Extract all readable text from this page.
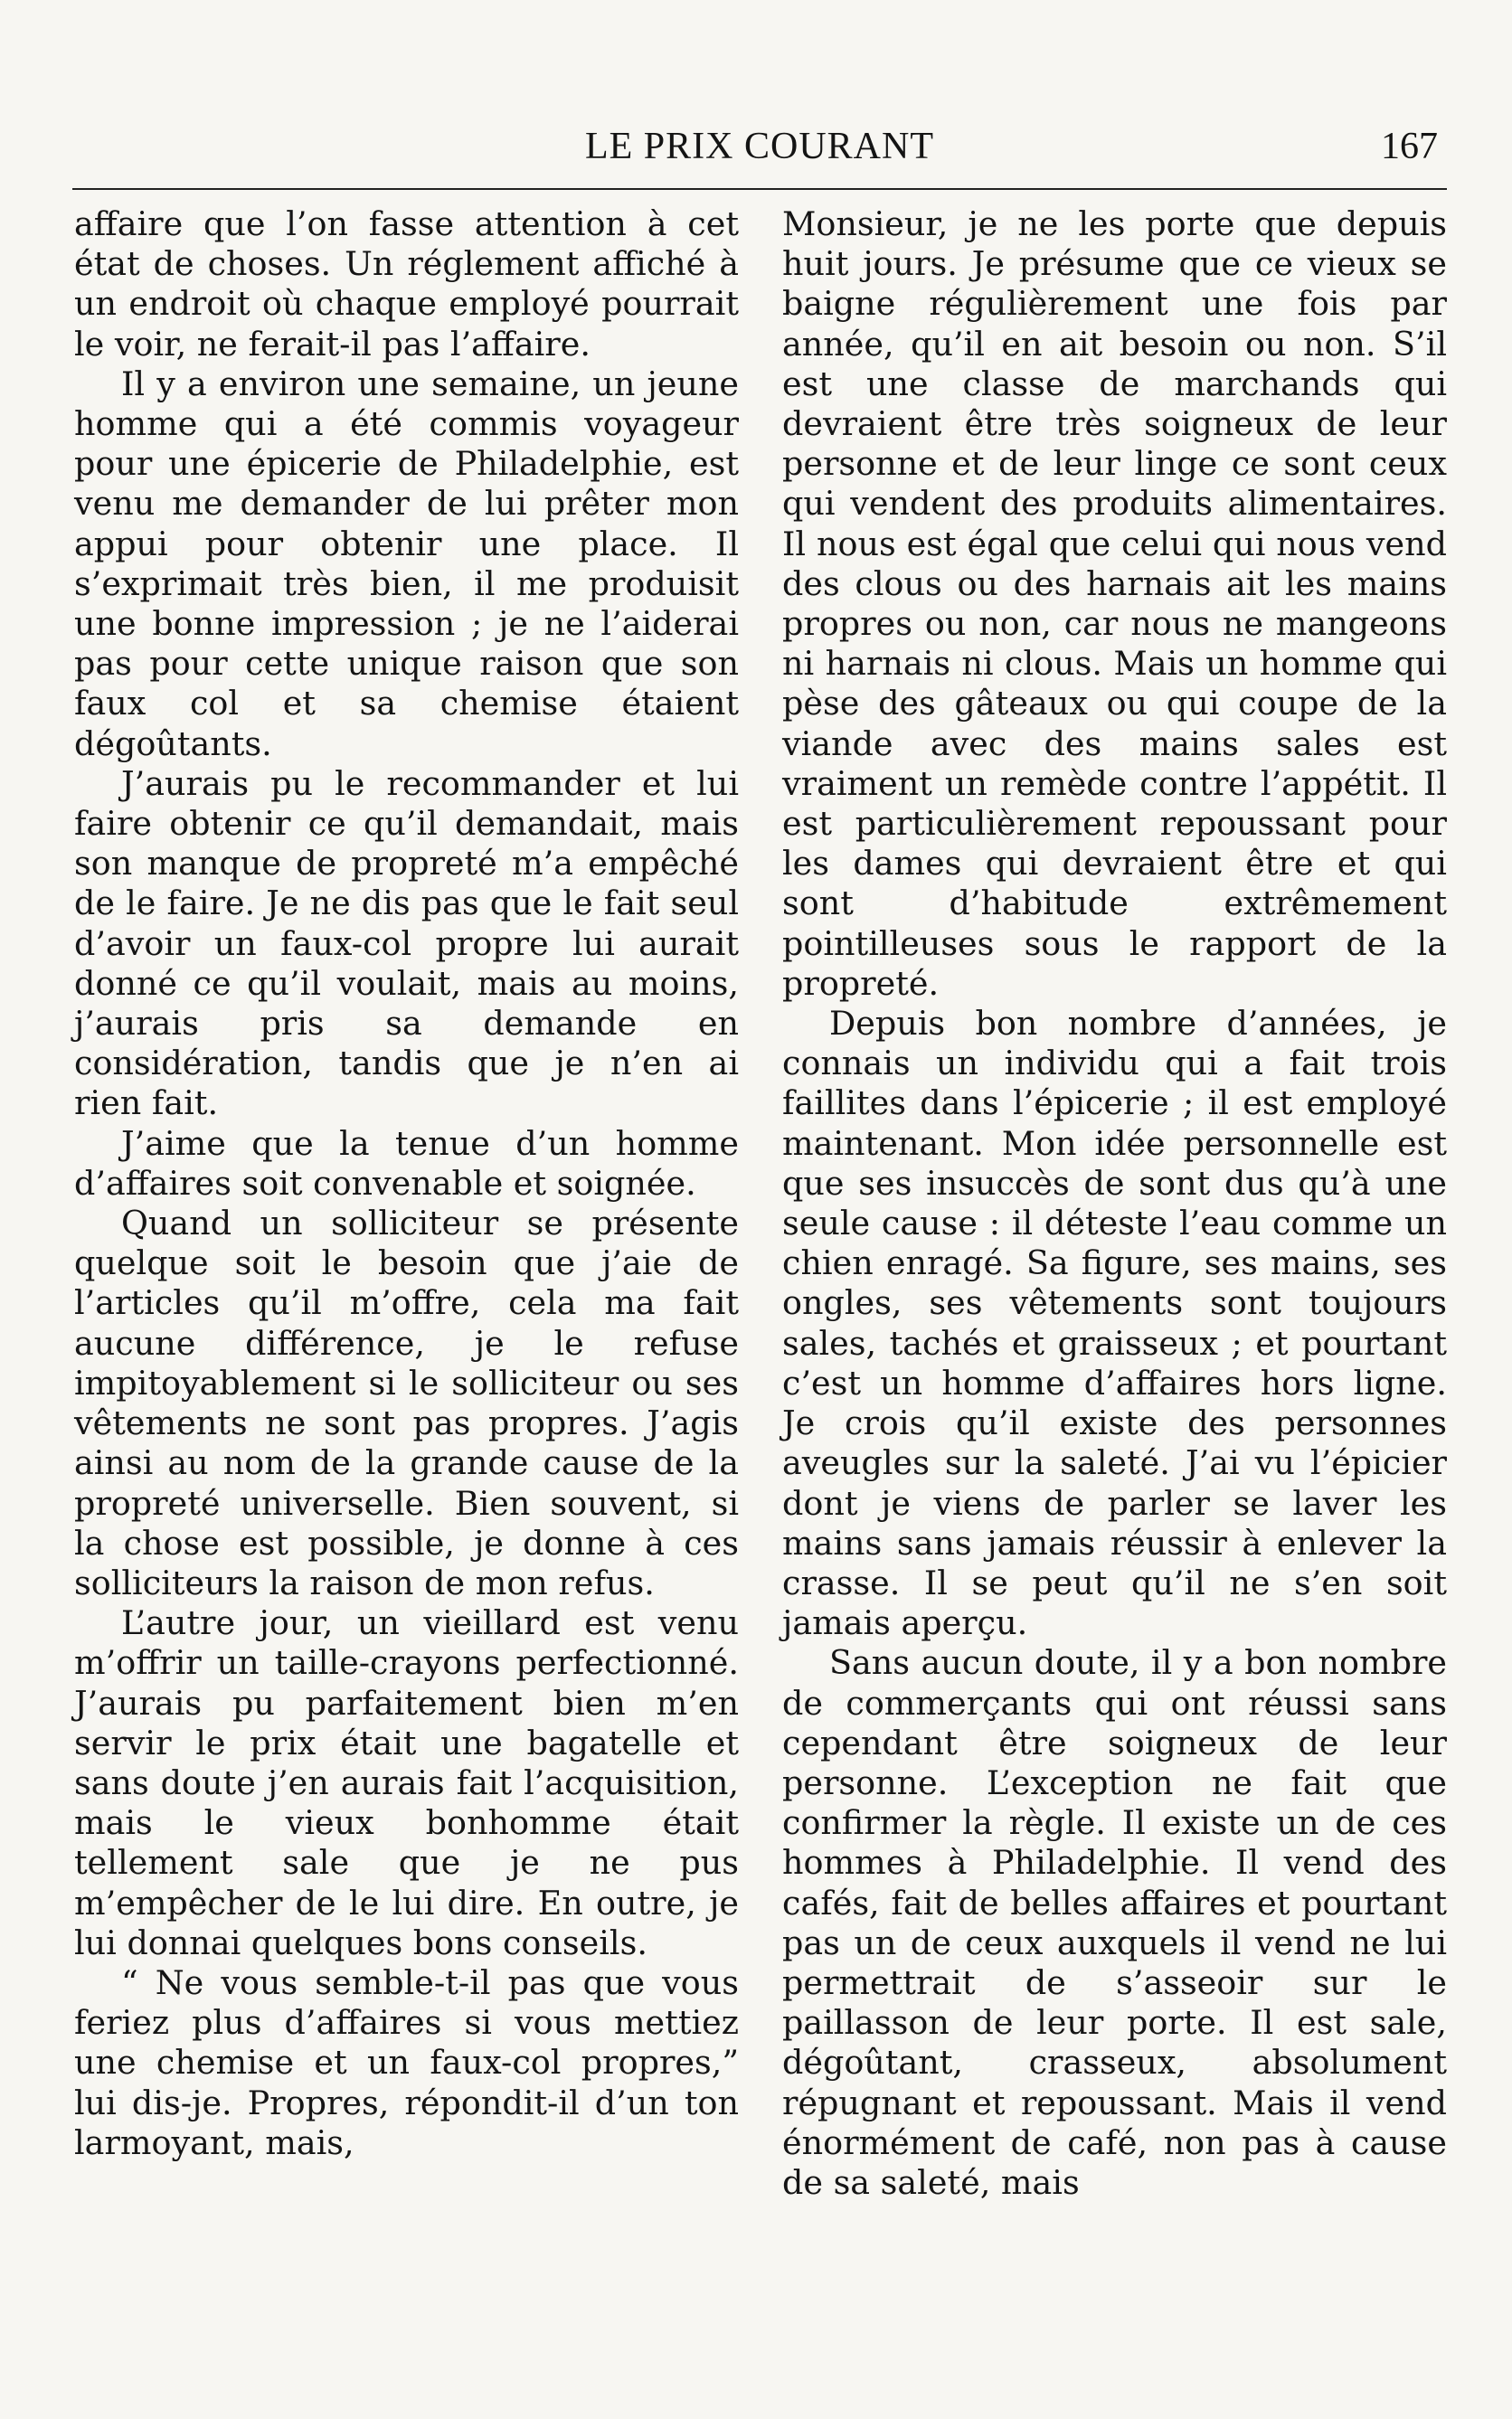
LE PRIX COURANT	167

affaire que l’on fasse attention à cet état de choses. Un réglement affiché à un endroit où chaque employé pourrait le voir, ne ferait-il pas l’affaire.

Il y a environ une semaine, un jeune homme qui a été commis voyageur pour une épicerie de Philadelphie, est venu me demander de lui prêter mon appui pour obtenir une place. Il s’exprimait très bien, il me produisit une bonne impression ; je ne l’aiderai pas pour cette unique raison que son faux col et sa chemise étaient dégoûtants.

J’aurais pu le recommander et lui faire obtenir ce qu’il demandait, mais son manque de propreté m’a empêché de le faire. Je ne dis pas que le fait seul d’avoir un faux-col propre lui aurait donné ce qu’il voulait, mais au moins, j’aurais pris sa demande en considération, tandis que je n’en ai rien fait.

J’aime que la tenue d’un homme d’affaires soit convenable et soignée.

Quand un solliciteur se présente quelque soit le besoin que j’aie de l’articles qu’il m’offre, cela ma fait aucune différence, je le refuse impitoyablement si le solliciteur ou ses vêtements ne sont pas propres. J’agis ainsi au nom de la grande cause de la propreté universelle. Bien souvent, si la chose est possible, je donne à ces solliciteurs la raison de mon refus.

L’autre jour, un vieillard est venu m’offrir un taille-crayons perfectionné. J’aurais pu parfaitement bien m’en servir le prix était une bagatelle et sans doute j’en aurais fait l’acquisition, mais le vieux bonhomme était tellement sale que je ne pus m’empêcher de le lui dire. En outre, je lui donnai quelques bons conseils.

“ Ne vous semble-t-il pas que vous feriez plus d’affaires si vous mettiez une chemise et un faux-col propres,” lui dis-je. Propres, répondit-il d’un ton larmoyant, mais,

Monsieur, je ne les porte que depuis huit jours. Je présume que ce vieux se baigne régulièrement une fois par année, qu’il en ait besoin ou non. S’il est une classe de marchands qui devraient être très soigneux de leur personne et de leur linge ce sont ceux qui vendent des produits alimentaires. Il nous est égal que celui qui nous vend des clous ou des harnais ait les mains propres ou non, car nous ne mangeons ni harnais ni clous. Mais un homme qui pèse des gâteaux ou qui coupe de la viande avec des mains sales est vraiment un remède contre l’appétit. Il est particulièrement repoussant pour les dames qui devraient être et qui sont d’habitude extrêmement pointilleuses sous le rapport de la propreté.

Depuis bon nombre d’années, je connais un individu qui a fait trois faillites dans l’épicerie ; il est employé maintenant. Mon idée personnelle est que ses insuccès de sont dus qu’à une seule cause : il déteste l’eau comme un chien enragé. Sa figure, ses mains, ses ongles, ses vêtements sont toujours sales, tachés et graisseux ; et pourtant c’est un homme d’affaires hors ligne. Je crois qu’il existe des personnes aveugles sur la saleté. J’ai vu l’épicier dont je viens de parler se laver les mains sans jamais réussir à enlever la crasse. Il se peut qu’il ne s’en soit jamais aperçu.

Sans aucun doute, il y a bon nombre de commerçants qui ont réussi sans cependant être soigneux de leur personne. L’exception ne fait que confirmer la règle. Il existe un de ces hommes à Philadelphie. Il vend des cafés, fait de belles affaires et pourtant pas un de ceux auxquels il vend ne lui permettrait de s’asseoir sur le paillasson de leur porte. Il est sale, dégoûtant, crasseux, absolument répugnant et repoussant. Mais il vend énormément de café, non pas à cause de sa saleté, mais
